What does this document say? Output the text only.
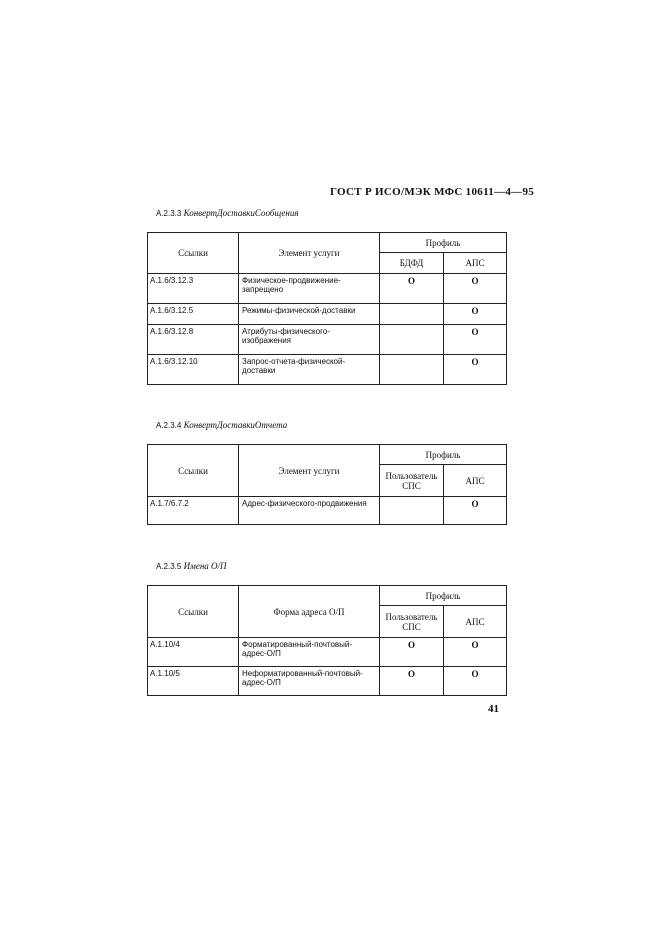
ГОСТ Р ИСО/МЭК МФС 10611—4—95
A.2.3.3 КонвертДоставкиСообщения
Ссылки	Элемент услуги	Профиль	
		БДФД	АПС
A.1.6/3.12.3	Физическое-продвижение-запрещено	О	О
A.1.6/3.12.5	Режимы-физической-доставки		О
A.1.6/3.12.8	Атрибуты-физического-изображения		О
A.1.6/3.12.10	Запрос-отчета-физической-доставки		О
A.2.3.4 КонвертДоставкиОтчета
Ссылки	Элемент услуги	Профиль	
		Пользователь СПС	АПС
A.1.7/6.7.2	Адрес-физического-продвижения		О
A.2.3.5 Имена О/П
Ссылки	Форма адреса О/П	Профиль	
		Пользователь СПС	АПС
A.1.10/4	Форматированный-почтовый-адрес-О/П	О	О
A.1.10/5	Неформатированный-почтовый-адрес-О/П	О	О
41
